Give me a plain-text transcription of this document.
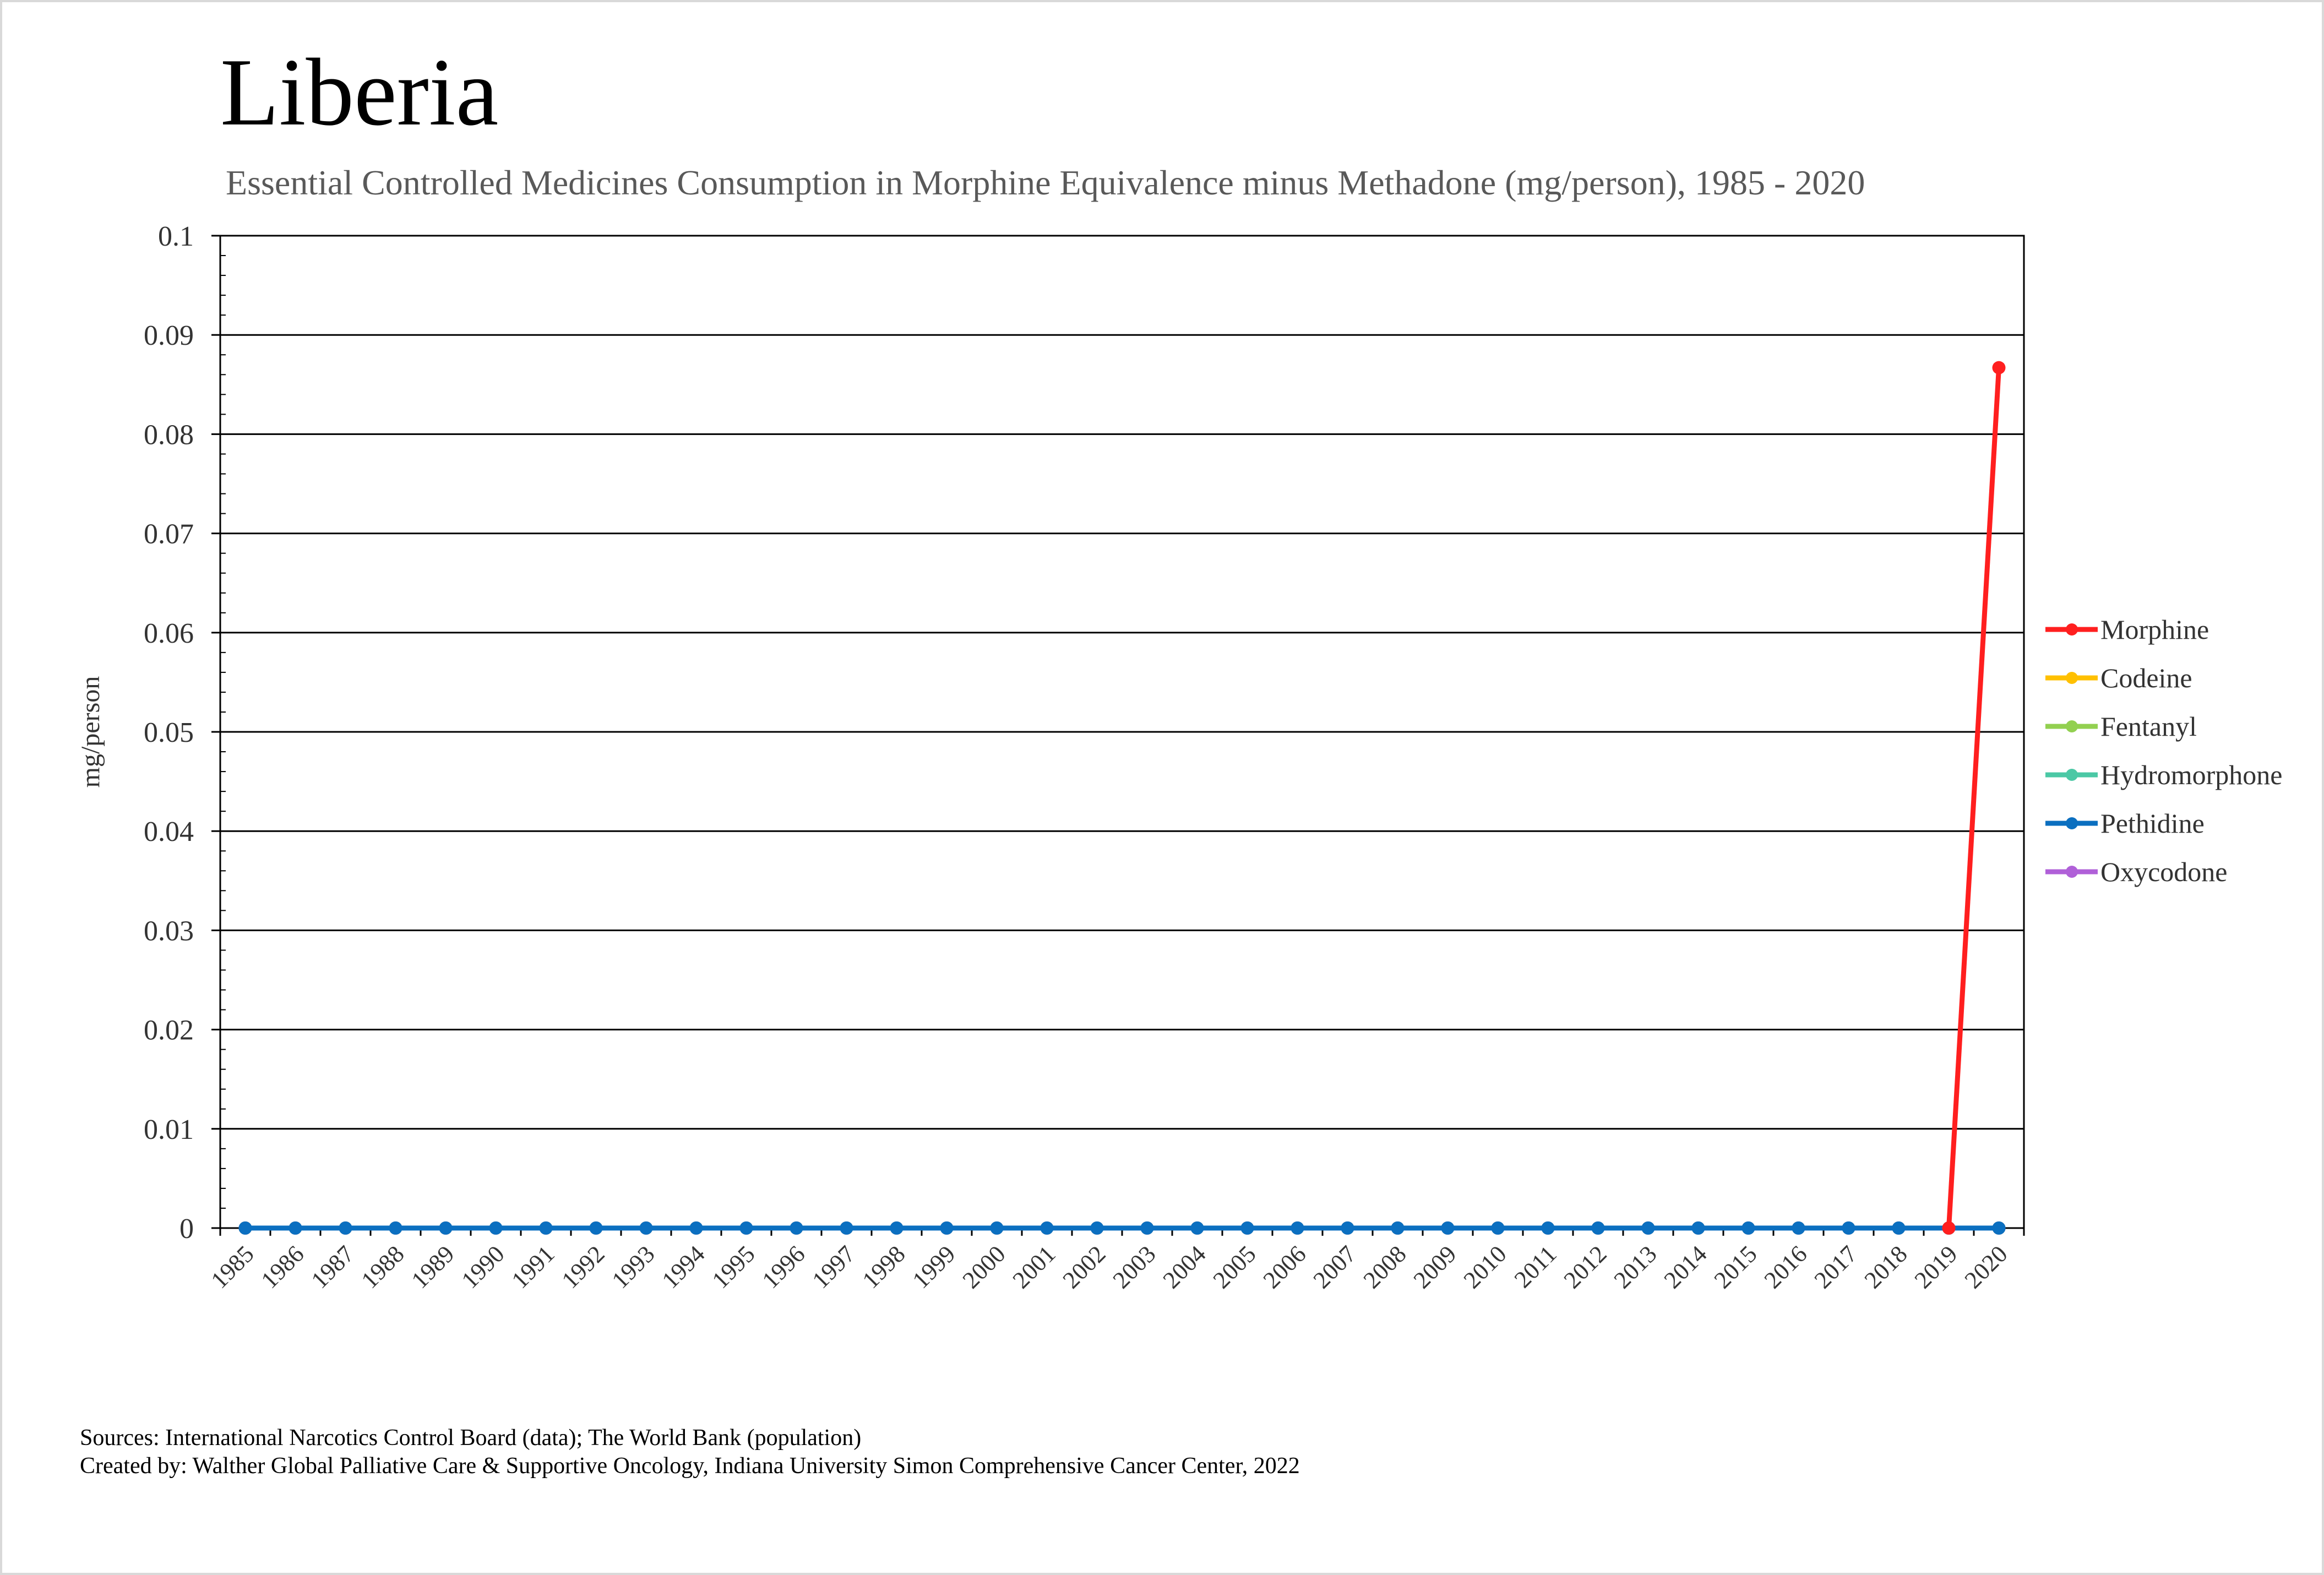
Liberia
Essential Controlled Medicines Consumption in Morphine Equivalence minus Methadone (mg/person), 1985 - 2020
0
0.01
0.02
0.03
0.04
0.05
0.06
0.07
0.08
0.09
0.1
mg/person
1985
1986
1987
1988
1989
1990
1991
1992
1993
1994
1995
1996
1997
1998
1999
2000
2001
2002
2003
2004
2005
2006
2007
2008
2009
2010
2011
2012
2013
2014
2015
2016
2017
2018
2019
2020
Morphine
Codeine
Fentanyl
Hydromorphone
Pethidine
Oxycodone
Sources: International Narcotics Control Board (data); The World Bank (population)
Created by: Walther Global Palliative Care & Supportive Oncology, Indiana University Simon Comprehensive Cancer Center, 2022
